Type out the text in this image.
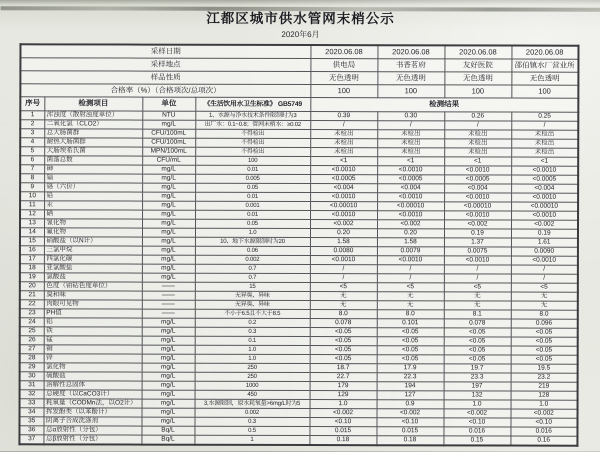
江都区城市供水管网末梢公示
2020年6月
采样日期				2020.06.08	2020.06.08	2020.06.08	2020.06.08
采样地点				供电局	书香茗府	友好医院	邵伯镇水厂营业所
样品性质				无色透明	无色透明	无色透明	无色透明
合格率（%）（合格项次/总项次）				100	100	100	100
序号	检测项目	单位	《生活饮用水卫生标准》 GB5749	检测结果			
1	浑浊度（散射浊度单位）	NTU	1、水源与净水技术条件限制时为3	0.39	0.30	0.26	0.25
2	二氧化氯（CLO2）	mg/L	出厂水：0.1~0.8；管网末梢水：≥0.02	/	/	/	/
3	总大肠菌群	CFU/100mL	不得检出	未检出	未检出	未检出	未检出
4	耐热大肠菌群	CFU/100mL	不得检出	未检出	未检出	未检出	未检出
5	大肠埃希氏菌	MPN/100mL	不得检出	未检出	未检出	未检出	未检出
6	菌落总数	CFU/mL	100	<1	<1	<1	<1
7	砷	mg/L	0.01	<0.0010	<0.0010	<0.0010	<0.0010
8	镉	mg/L	0.005	<0.0005	<0.0005	<0.0005	<0.0005
9	铬（六价）	mg/L	0.05	<0.004	<0.004	<0.004	<0.004
10	铅	mg/L	0.01	<0.0010	<0.0010	<0.0010	<0.0010
11	汞	mg/L	0.001	<0.00010	<0.00010	<0.00010	<0.00010
12	硒	mg/L	0.01	<0.0010	<0.0010	<0.0010	<0.0010
13	氰化物	mg/L	0.05	<0.002	<0.002	<0.002	<0.002
14	氟化物	mg/L	1.0	0.20	0.20	0.19	0.19
15	硝酸盐（以N计）	mg/L	10、地下水源限制时为20	1.58	1.58	1.37	1.61
16	三氯甲烷	mg/L	0.06	0.0080	0.0079	0.0075	0.0090
17	四氯化碳	mg/L	0.002	<0.0010	<0.0010	<0.0010	<0.0010
18	亚氯酸盐	mg/L	0.7	/	/	/	/
19	氯酸盐	mg/L	0.7	/	/	/	/
20	色度（铂钴色度单位）	——	15	<5	<5	<5	<5
21	臭和味	——	无异臭、异味	无	无	无	无
22	肉眼可见物	——	无异臭、异味	无	无	无	无
23	PH值	——	不小于6.5且不大于8.5	8.0	8.0	8.1	8.0
24	铝	mg/L	0.2	0.078	0.101	0.078	0.096
25	铁	mg/L	0.3	<0.05	<0.05	<0.05	<0.05
26	锰	mg/L	0.1	<0.05	<0.05	<0.05	<0.05
27	铜	mg/L	1.0	<0.05	<0.05	<0.05	<0.05
28	锌	mg/L	1.0	<0.05	<0.05	<0.05	<0.05
29	氯化物	mg/L	250	18.7	17.9	19.7	19.5
30	硫酸盐	mg/L	250	22.7	22.3	23.3	23.2
31	溶解性总固体	mg/L	1000	179	194	197	219
32	总硬度（以CaCO3计）	mg/L	450	129	127	132	128
33	耗氧量（CODMn法，以O2计）	mg/L	3,水源限制，原水耗氧量>6mg/L时为5	1.0	0.9	1.0	1.0
34	挥发酚类（以苯酚计）	mg/L	0.002	<0.002	<0.002	<0.002	<0.002
35	阴离子合成洗涤剂	mg/L	0.3	<0.10	<0.10	<0.10	<0.10
36	总α放射性（分包）	Bq/L	0.5	0.015	0.015	0.016	0.016
37	总β放射性（分包）	Bq/L	1	0.18	0.18	0.15	0.16
